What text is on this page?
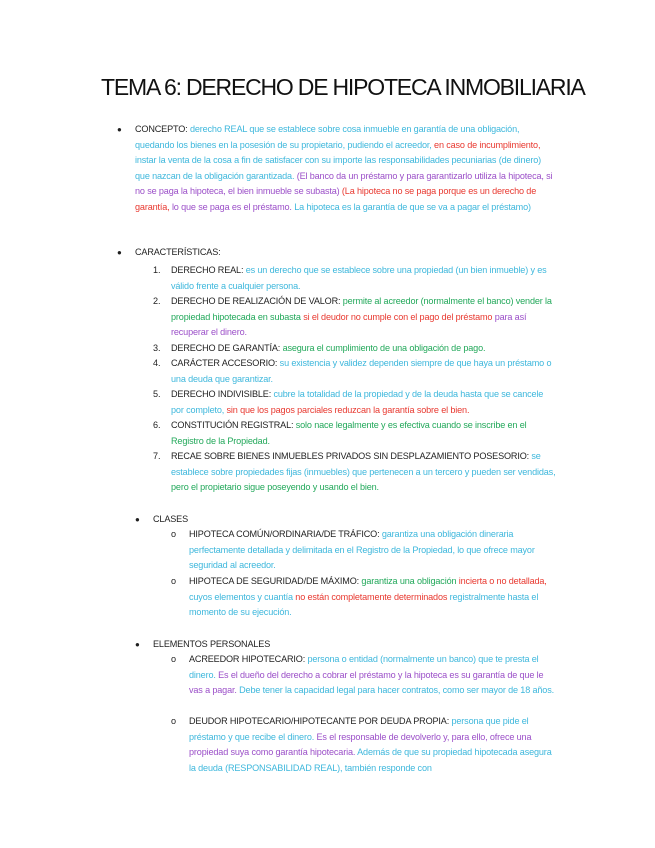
TEMA 6: DERECHO DE HIPOTECA INMOBILIARIA
● CONCEPTO: derecho REAL que se establece sobre cosa inmueble en garantía de una obligación, quedando los bienes en la posesión de su propietario, pudiendo el acreedor, en caso de incumplimiento, instar la venta de la cosa a fin de satisfacer con su importe las responsabilidades pecuniarias (de dinero) que nazcan de la obligación garantizada. (El banco da un préstamo y para garantizarlo utiliza la hipoteca, si no se paga la hipoteca, el bien inmueble se subasta) (La hipoteca no se paga porque es un derecho de garantía, lo que se paga es el préstamo. La hipoteca es la garantía de que se va a pagar el préstamo)
● CARACTERÍSTICAS:
1. DERECHO REAL: es un derecho que se establece sobre una propiedad (un bien inmueble) y es válido frente a cualquier persona.
2. DERECHO DE REALIZACIÓN DE VALOR: permite al acreedor (normalmente el banco) vender la propiedad hipotecada en subasta si el deudor no cumple con el pago del préstamo para así recuperar el dinero.
3. DERECHO DE GARANTÍA: asegura el cumplimiento de una obligación de pago.
4. CARÁCTER ACCESORIO: su existencia y validez dependen siempre de que haya un préstamo o una deuda que garantizar.
5. DERECHO INDIVISIBLE: cubre la totalidad de la propiedad y de la deuda hasta que se cancele por completo, sin que los pagos parciales reduzcan la garantía sobre el bien.
6. CONSTITUCIÓN REGISTRAL: solo nace legalmente y es efectiva cuando se inscribe en el Registro de la Propiedad.
7. RECAE SOBRE BIENES INMUEBLES PRIVADOS SIN DESPLAZAMIENTO POSESORIO: se establece sobre propiedades fijas (inmuebles) que pertenecen a un tercero y pueden ser vendidas, pero el propietario sigue poseyendo y usando el bien.
● CLASES
o HIPOTECA COMÚN/ORDINARIA/DE TRÁFICO: garantiza una obligación dineraria perfectamente detallada y delimitada en el Registro de la Propiedad, lo que ofrece mayor seguridad al acreedor.
o HIPOTECA DE SEGURIDAD/DE MÁXIMO: garantiza una obligación incierta o no detallada, cuyos elementos y cuantía no están completamente determinados registralmente hasta el momento de su ejecución.
● ELEMENTOS PERSONALES
o ACREEDOR HIPOTECARIO: persona o entidad (normalmente un banco) que te presta el dinero. Es el dueño del derecho a cobrar el préstamo y la hipoteca es su garantía de que le vas a pagar. Debe tener la capacidad legal para hacer contratos, como ser mayor de 18 años.
o DEUDOR HIPOTECARIO/HIPOTECANTE POR DEUDA PROPIA: persona que pide el préstamo y que recibe el dinero. Es el responsable de devolverlo y, para ello, ofrece una propiedad suya como garantía hipotecaria. Además de que su propiedad hipotecada asegura la deuda (RESPONSABILIDAD REAL), también responde con
